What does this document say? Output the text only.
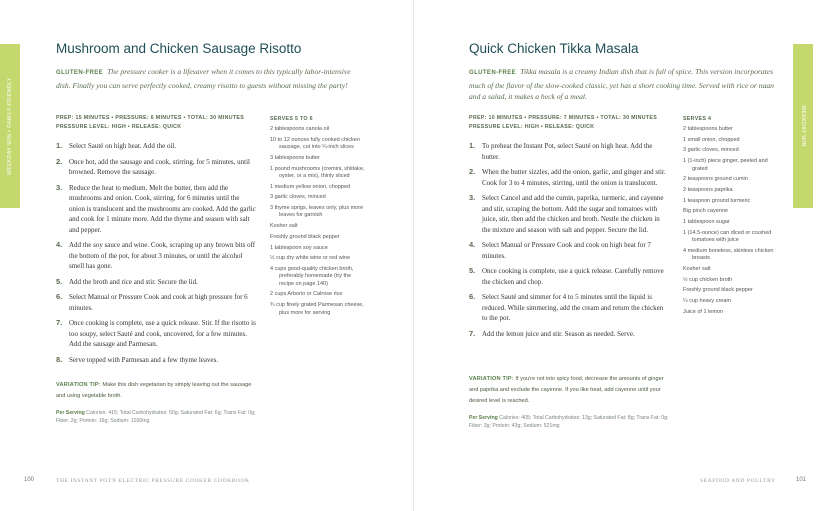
WEEKDAY WIN • FAMILY-FRIENDLY
Mushroom and Chicken Sausage Risotto
GLUTEN-FREE The pressure cooker is a lifesaver when it comes to this typically labor-intensive dish. Finally you can serve perfectly cooked, creamy risotto to guests without missing the party!
PREP: 15 MINUTES • PRESSURE: 6 MINUTES • TOTAL: 30 MINUTES
PRESSURE LEVEL: HIGH • RELEASE: QUICK
1. Select Sauté on high heat. Add the oil.
2. Once hot, add the sausage and cook, stirring, for 5 minutes, until browned. Remove the sausage.
3. Reduce the heat to medium. Melt the butter, then add the mushrooms and onion. Cook, stirring, for 6 minutes until the onion is translucent and the mushrooms are cooked. Add the garlic and cook for 1 minute more. Add the thyme and season with salt and pepper.
4. Add the soy sauce and wine. Cook, scraping up any brown bits off the bottom of the pot, for about 3 minutes, or until the alcohol smell has gone.
5. Add the broth and rice and stir. Secure the lid.
6. Select Manual or Pressure Cook and cook at high pressure for 6 minutes.
7. Once cooking is complete, use a quick release. Stir. If the risotto is too soupy, select Sauté and cook, uncovered, for a few minutes. Add the sausage and Parmesan.
8. Serve topped with Parmesan and a few thyme leaves.
VARIATION TIP: Make this dish vegetarian by simply leaving out the sausage and using vegetable broth.
Per Serving Calories: 415; Total Carbohydrates: 50g; Saturated Fat: 6g; Trans Fat: 0g; Fiber: 2g; Protein: 16g; Sodium: 1030mg
SERVES 5 TO 6
2 tablespoons canola oil
10 to 12 ounces fully cooked chicken sausage, cut into ¼-inch slices
3 tablespoons butter
1 pound mushrooms (cremini, shiitake, oyster, or a mix), thinly sliced
1 medium yellow onion, chopped
3 garlic cloves, minced
3 thyme sprigs, leaves only, plus more leaves for garnish
Kosher salt
Freshly ground black pepper
1 tablespoon soy sauce
½ cup dry white wine or red wine
4 cups good-quality chicken broth, preferably homemade (try the recipe on page 140)
2 cups Arborio or Calrose rice
¾ cup finely grated Parmesan cheese, plus more for serving
100	THE INSTANT POT® ELECTRIC PRESSURE COOKER COOKBOOK
WEEKDAY WIN
Quick Chicken Tikka Masala
GLUTEN-FREE Tikka masala is a creamy Indian dish that is full of spice. This version incorporates much of the flavor of the slow-cooked classic, yet has a short cooking time. Served with rice or naan and a salad, it makes a heck of a meal.
PREP: 10 MINUTES • PRESSURE: 7 MINUTES • TOTAL: 30 MINUTES
PRESSURE LEVEL: HIGH • RELEASE: QUICK
1. To preheat the Instant Pot, select Sauté on high heat. Add the butter.
2. When the butter sizzles, add the onion, garlic, and ginger and stir. Cook for 3 to 4 minutes, stirring, until the onion is translucent.
3. Select Cancel and add the cumin, paprika, turmeric, and cayenne and stir, scraping the bottom. Add the sugar and tomatoes with juice, stir, then add the chicken and broth. Nestle the chicken in the mixture and season with salt and pepper. Secure the lid.
4. Select Manual or Pressure Cook and cook on high heat for 7 minutes.
5. Once cooking is complete, use a quick release. Carefully remove the chicken and chop.
6. Select Sauté and simmer for 4 to 5 minutes until the liquid is reduced. While simmering, add the cream and return the chicken to the pot.
7. Add the lemon juice and stir. Season as needed. Serve.
VARIATION TIP: If you're not into spicy food, decrease the amounts of ginger and paprika and exclude the cayenne. If you like heat, add cayenne until your desired level is reached.
Per Serving Calories: 405; Total Carbohydrates: 13g; Saturated Fat: 8g; Trans Fat: 0g; Fiber: 3g; Protein: 43g; Sodium: 521mg
SERVES 4
2 tablespoons butter
1 small onion, chopped
3 garlic cloves, minced
1 (1-inch) piece ginger, peeled and grated
2 teaspoons ground cumin
2 teaspoons paprika
1 teaspoon ground turmeric
Big pinch cayenne
1 tablespoon sugar
1 (14.5-ounce) can diced or crushed tomatoes with juice
4 medium boneless, skinless chicken breasts
Kosher salt
½ cup chicken broth
Freshly ground black pepper
¼ cup heavy cream
Juice of 1 lemon
SEAFOOD AND POULTRY	101
